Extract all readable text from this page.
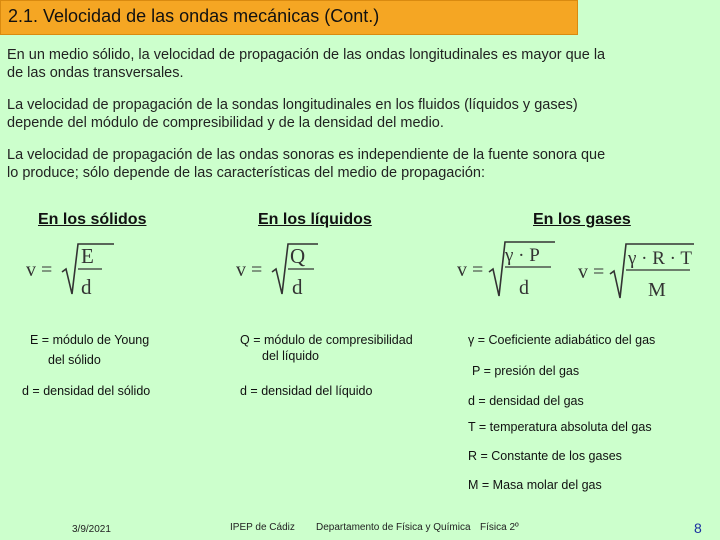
2.1. Velocidad de las ondas mecánicas (Cont.)
En un medio sólido, la velocidad de propagación de las ondas longitudinales es mayor que la
de las ondas transversales.
La velocidad de propagación de la sondas longitudinales en los fluidos (líquidos y gases)
depende del módulo de compresibilidad y de la densidad del medio.
La velocidad de propagación de las ondas sonoras es independiente de la fuente sonora que
lo produce; sólo depende de las características del medio de propagación:
En los sólidos	En los líquidos	En los gases
v =
E
d
v =
Q
d
v =
γ · P
d
v =
γ · R · T
M
E = módulo de Young
del sólido
d = densidad del sólido
Q = módulo de compresibilidad
del líquido
d = densidad del líquido
γ = Coeficiente adiabático del gas
P = presión del gas
d = densidad del gas
T = temperatura absoluta del gas
R = Constante de los gases
M = Masa molar del gas
3/9/2021	IPEP de Cádiz Departamento de Física y Química Física 2º	8
